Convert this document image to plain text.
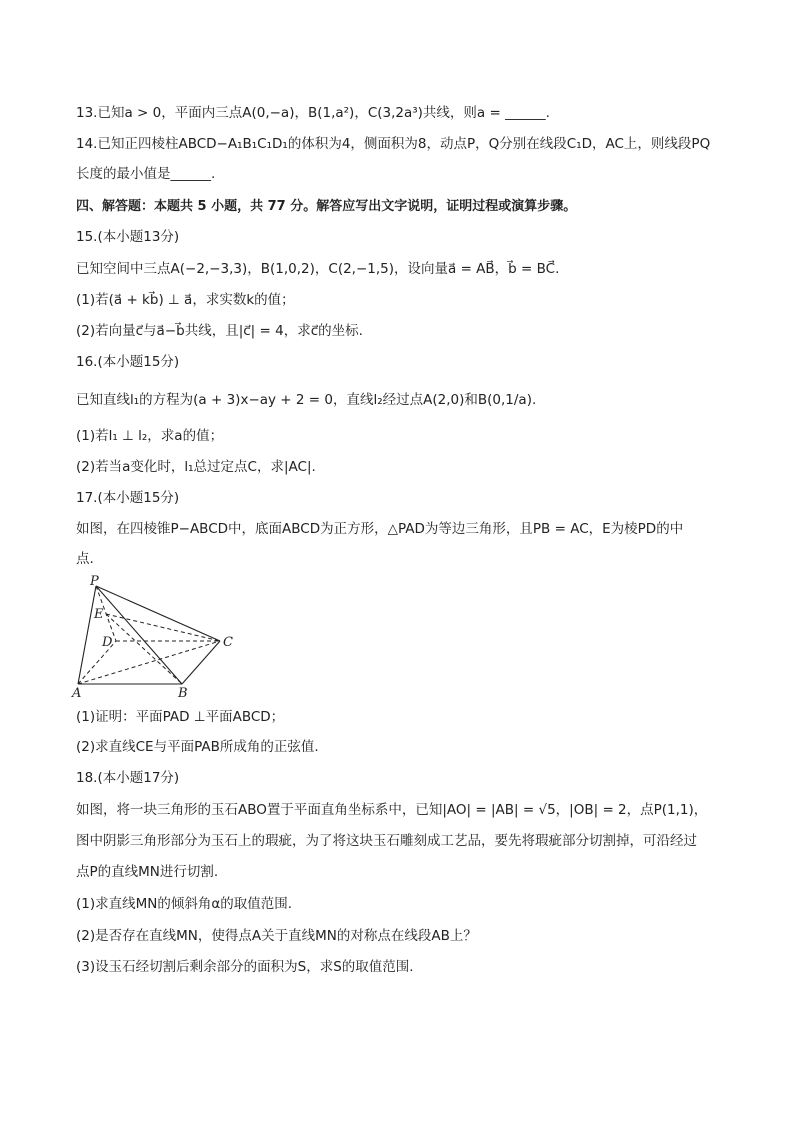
13.已知a > 0，平面内三点A(0,−a)，B(1,a²)，C(3,2a³)共线，则a = ______.
14.已知正四棱柱ABCD−A₁B₁C₁D₁的体积为4，侧面积为8，动点P，Q分别在线段C₁D，AC上，则线段PQ
长度的最小值是______.
四、解答题：本题共 5 小题，共 77 分。解答应写出文字说明，证明过程或演算步骤。
15.(本小题13分)
已知空间中三点A(−2,−3,3)，B(1,0,2)，C(2,−1,5)，设向量a⃗ = AB⃗，b⃗ = BC⃗.
(1)若(a⃗ + kb⃗) ⊥ a⃗，求实数k的值；
(2)若向量c⃗与a⃗−b⃗共线，且|c⃗| = 4，求c⃗的坐标.
16.(本小题15分)
已知直线l₁的方程为(a + 3)x−ay + 2 = 0，直线l₂经过点A(2,0)和B(0,1/a).
(1)若l₁ ⊥ l₂，求a的值；
(2)若当a变化时，l₁总过定点C，求|AC|.
17.(本小题15分)
如图，在四棱锥P−ABCD中，底面ABCD为正方形，△PAD为等边三角形，且PB = AC，E为棱PD的中
点.
P
E
D	C
A	B
(1)证明：平面PAD ⊥平面ABCD；
(2)求直线CE与平面PAB所成角的正弦值.
18.(本小题17分)
如图，将一块三角形的玉石ABO置于平面直角坐标系中，已知|AO| = |AB| = √5，|OB| = 2，点P(1,1)，
图中阴影三角形部分为玉石上的瑕疵，为了将这块玉石雕刻成工艺品，要先将瑕疵部分切割掉，可沿经过
点P的直线MN进行切割.
(1)求直线MN的倾斜角α的取值范围.
(2)是否存在直线MN，使得点A关于直线MN的对称点在线段AB上？
(3)设玉石经切割后剩余部分的面积为S，求S的取值范围.
